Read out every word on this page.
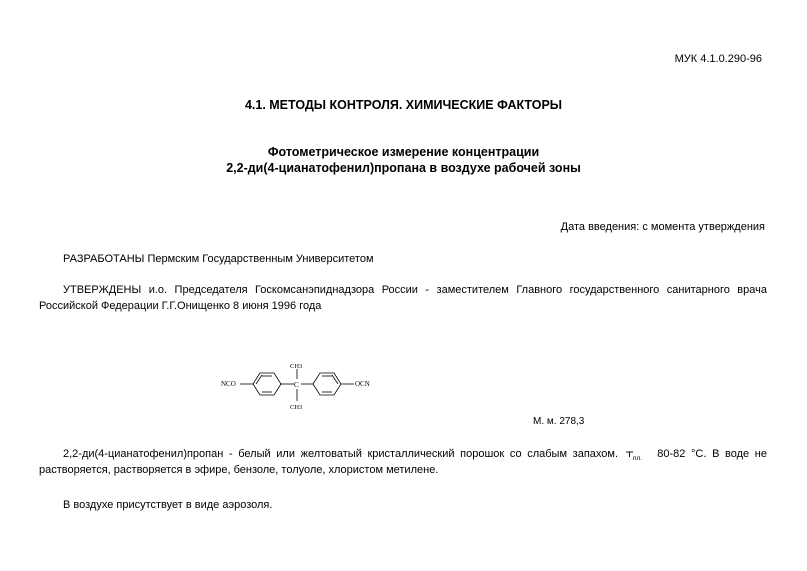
МУК 4.1.0.290-96
4.1. МЕТОДЫ КОНТРОЛЯ. ХИМИЧЕСКИЕ ФАКТОРЫ
Фотометрическое измерение концентрации
2,2-ди(4-цианатофенил)пропана в воздухе рабочей зоны
Дата введения: с момента утверждения
РАЗРАБОТАНЫ Пермским Государственным Университетом
УТВЕРЖДЕНЫ и.о. Председателя Госкомсанэпиднадзора России - заместителем Главного государственного санитарного врача Российской Федерации Г.Г.Онищенко 8 июня 1996 года
NCO	C
CH3
CH3
OCN
М. м. 278,3
2,2-ди(4-цианатофенил)пропан - белый или желтоватый кристаллический порошок со слабым запахом. пл. 80-82 °С. В воде не растворяется, растворяется в эфире, бензоле, толуоле, хлористом метилене.
В воздухе присутствует в виде аэрозоля.
